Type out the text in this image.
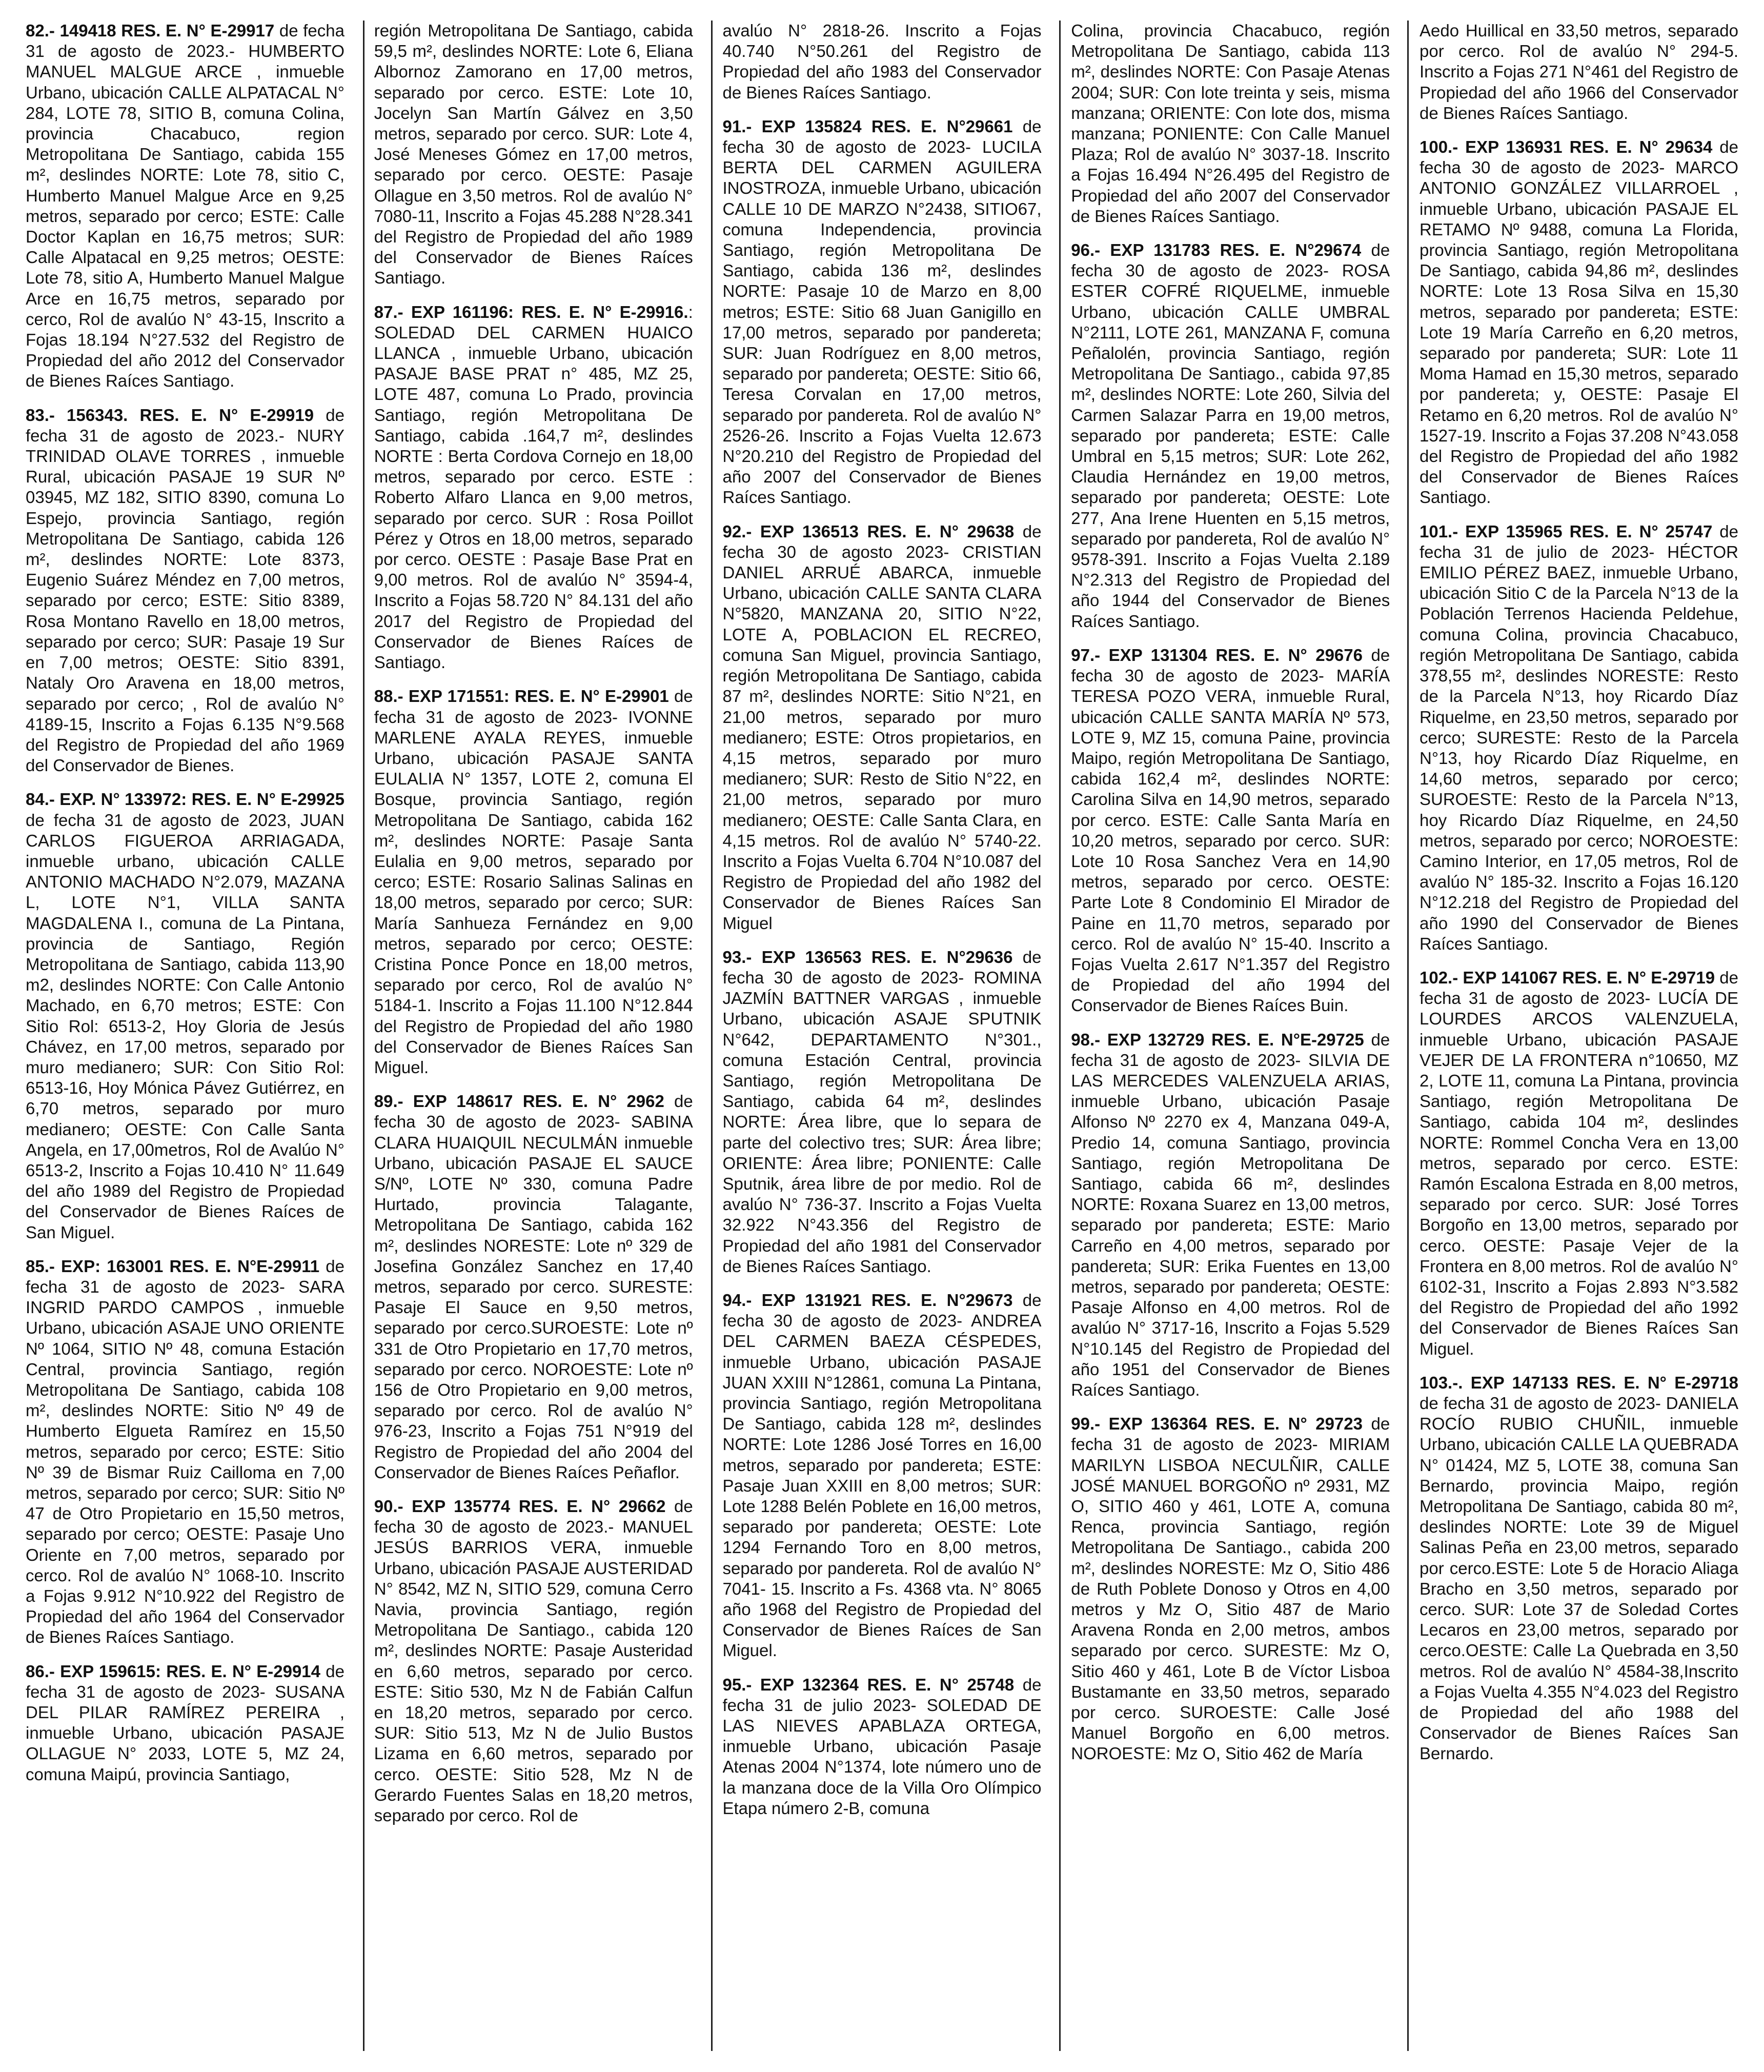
82.- 149418 RES. E. N° E-29917 de fecha 31 de agosto de 2023.- HUMBERTO MANUEL MALGUE ARCE , inmueble Urbano, ubicación CALLE ALPATACAL N° 284, LOTE 78, SITIO B, comuna Colina, provincia Chacabuco, region Metropolitana De Santiago, cabida 155 m², deslindes NORTE: Lote 78, sitio C, Humberto Manuel Malgue Arce en 9,25 metros, separado por cerco; ESTE: Calle Doctor Kaplan en 16,75 metros; SUR: Calle Alpatacal en 9,25 metros; OESTE: Lote 78, sitio A, Humberto Manuel Malgue Arce en 16,75 metros, separado por cerco, Rol de avalúo N° 43-15, Inscrito a Fojas 18.194 N°27.532 del Registro de Propiedad del año 2012 del Conservador de Bienes Raíces Santiago.

83.- 156343. RES. E. N° E-29919 de fecha 31 de agosto de 2023.- NURY TRINIDAD OLAVE TORRES , inmueble Rural, ubicación PASAJE 19 SUR Nº 03945, MZ 182, SITIO 8390, comuna Lo Espejo, provincia Santiago, región Metropolitana De Santiago, cabida 126 m², deslindes NORTE: Lote 8373, Eugenio Suárez Méndez en 7,00 metros, separado por cerco; ESTE: Sitio 8389, Rosa Montano Ravello en 18,00 metros, separado por cerco; SUR: Pasaje 19 Sur en 7,00 metros; OESTE: Sitio 8391, Nataly Oro Aravena en 18,00 metros, separado por cerco; , Rol de avalúo N° 4189-15, Inscrito a Fojas 6.135 N°9.568 del Registro de Propiedad del año 1969 del Conservador de Bienes.

84.- EXP. N° 133972: RES. E. N° E-29925 de fecha 31 de agosto de 2023, JUAN CARLOS FIGUEROA ARRIAGADA, inmueble urbano, ubicación CALLE ANTONIO MACHADO N°2.079, MAZANA L, LOTE N°1, VILLA SANTA MAGDALENA I., comuna de La Pintana, provincia de Santiago, Región Metropolitana de Santiago, cabida 113,90 m2, deslindes NORTE: Con Calle Antonio Machado, en 6,70 metros; ESTE: Con Sitio Rol: 6513-2, Hoy Gloria de Jesús Chávez, en 17,00 metros, separado por muro medianero; SUR: Con Sitio Rol: 6513-16, Hoy Mónica Pávez Gutiérrez, en 6,70 metros, separado por muro medianero; OESTE: Con Calle Santa Angela, en 17,00metros, Rol de Avalúo N° 6513-2, Inscrito a Fojas 10.410 N° 11.649 del año 1989 del Registro de Propiedad del Conservador de Bienes Raíces de San Miguel.

85.- EXP: 163001 RES. E. N°E-29911 de fecha 31 de agosto de 2023- SARA INGRID PARDO CAMPOS , inmueble Urbano, ubicación ASAJE UNO ORIENTE Nº 1064, SITIO Nº 48, comuna Estación Central, provincia Santiago, región Metropolitana De Santiago, cabida 108 m², deslindes NORTE: Sitio Nº 49 de Humberto Elgueta Ramírez en 15,50 metros, separado por cerco; ESTE: Sitio Nº 39 de Bismar Ruiz Cailloma en 7,00 metros, separado por cerco; SUR: Sitio Nº 47 de Otro Propietario en 15,50 metros, separado por cerco; OESTE: Pasaje Uno Oriente en 7,00 metros, separado por cerco. Rol de avalúo N° 1068-10. Inscrito a Fojas 9.912 N°10.922 del Registro de Propiedad del año 1964 del Conservador de Bienes Raíces Santiago.

86.- EXP 159615: RES. E. N° E-29914 de fecha 31 de agosto de 2023- SUSANA DEL PILAR RAMÍREZ PEREIRA , inmueble Urbano, ubicación PASAJE OLLAGUE N° 2033, LOTE 5, MZ 24, comuna Maipú, provincia Santiago,

región Metropolitana De Santiago, cabida 59,5 m², deslindes NORTE: Lote 6, Eliana Albornoz Zamorano en 17,00 metros, separado por cerco. ESTE: Lote 10, Jocelyn San Martín Gálvez en 3,50 metros, separado por cerco. SUR: Lote 4, José Meneses Gómez en 17,00 metros, separado por cerco. OESTE: Pasaje Ollague en 3,50 metros. Rol de avalúo N° 7080-11, Inscrito a Fojas 45.288 N°28.341 del Registro de Propiedad del año 1989 del Conservador de Bienes Raíces Santiago.

87.- EXP 161196: RES. E. N° E-29916.: SOLEDAD DEL CARMEN HUAICO LLANCA , inmueble Urbano, ubicación PASAJE BASE PRAT n° 485, MZ 25, LOTE 487, comuna Lo Prado, provincia Santiago, región Metropolitana De Santiago, cabida .164,7 m², deslindes NORTE : Berta Cordova Cornejo en 18,00 metros, separado por cerco. ESTE : Roberto Alfaro Llanca en 9,00 metros, separado por cerco. SUR : Rosa Poillot Pérez y Otros en 18,00 metros, separado por cerco. OESTE : Pasaje Base Prat en 9,00 metros. Rol de avalúo N° 3594-4, Inscrito a Fojas 58.720 N° 84.131 del año 2017 del Registro de Propiedad del Conservador de Bienes Raíces de Santiago.

88.- EXP 171551: RES. E. N° E-29901 de fecha 31 de agosto de 2023- IVONNE MARLENE AYALA REYES, inmueble Urbano, ubicación PASAJE SANTA EULALIA N° 1357, LOTE 2, comuna El Bosque, provincia Santiago, región Metropolitana De Santiago, cabida 162 m², deslindes NORTE: Pasaje Santa Eulalia en 9,00 metros, separado por cerco; ESTE: Rosario Salinas Salinas en 18,00 metros, separado por cerco; SUR: María Sanhueza Fernández en 9,00 metros, separado por cerco; OESTE: Cristina Ponce Ponce en 18,00 metros, separado por cerco, Rol de avalúo N° 5184-1. Inscrito a Fojas 11.100 N°12.844 del Registro de Propiedad del año 1980 del Conservador de Bienes Raíces San Miguel.

89.- EXP 148617 RES. E. N° 2962 de fecha 30 de agosto de 2023- SABINA CLARA HUAIQUIL NECULMÁN inmueble Urbano, ubicación PASAJE EL SAUCE S/Nº, LOTE Nº 330, comuna Padre Hurtado, provincia Talagante, Metropolitana De Santiago, cabida 162 m², deslindes NORESTE: Lote nº 329 de Josefina González Sanchez en 17,40 metros, separado por cerco. SURESTE: Pasaje El Sauce en 9,50 metros, separado por cerco.SUROESTE: Lote nº 331 de Otro Propietario en 17,70 metros, separado por cerco. NOROESTE: Lote nº 156 de Otro Propietario en 9,00 metros, separado por cerco. Rol de avalúo N° 976-23, Inscrito a Fojas 751 N°919 del Registro de Propiedad del año 2004 del Conservador de Bienes Raíces Peñaflor.

90.- EXP 135774 RES. E. N° 29662 de fecha 30 de agosto de 2023.- MANUEL JESÚS BARRIOS VERA, inmueble Urbano, ubicación PASAJE AUSTERIDAD N° 8542, MZ N, SITIO 529, comuna Cerro Navia, provincia Santiago, región Metropolitana De Santiago., cabida 120 m², deslindes NORTE: Pasaje Austeridad en 6,60 metros, separado por cerco. ESTE: Sitio 530, Mz N de Fabián Calfun en 18,20 metros, separado por cerco. SUR: Sitio 513, Mz N de Julio Bustos Lizama en 6,60 metros, separado por cerco. OESTE: Sitio 528, Mz N de Gerardo Fuentes Salas en 18,20 metros, separado por cerco. Rol de

avalúo N° 2818-26. Inscrito a Fojas 40.740 N°50.261 del Registro de Propiedad del año 1983 del Conservador de Bienes Raíces Santiago.

91.- EXP 135824 RES. E. N°29661 de fecha 30 de agosto de 2023- LUCILA BERTA DEL CARMEN AGUILERA INOSTROZA, inmueble Urbano, ubicación CALLE 10 DE MARZO N°2438, SITIO67, comuna Independencia, provincia Santiago, región Metropolitana De Santiago, cabida 136 m², deslindes NORTE: Pasaje 10 de Marzo en 8,00 metros; ESTE: Sitio 68 Juan Ganigillo en 17,00 metros, separado por pandereta; SUR: Juan Rodríguez en 8,00 metros, separado por pandereta; OESTE: Sitio 66, Teresa Corvalan en 17,00 metros, separado por pandereta. Rol de avalúo N° 2526-26. Inscrito a Fojas Vuelta 12.673 N°20.210 del Registro de Propiedad del año 2007 del Conservador de Bienes Raíces Santiago.

92.- EXP 136513 RES. E. N° 29638 de fecha 30 de agosto 2023- CRISTIAN DANIEL ARRUÉ ABARCA, inmueble Urbano, ubicación CALLE SANTA CLARA N°5820, MANZANA 20, SITIO N°22, LOTE A, POBLACION EL RECREO, comuna San Miguel, provincia Santiago, región Metropolitana De Santiago, cabida 87 m², deslindes NORTE: Sitio N°21, en 21,00 metros, separado por muro medianero; ESTE: Otros propietarios, en 4,15 metros, separado por muro medianero; SUR: Resto de Sitio N°22, en 21,00 metros, separado por muro medianero; OESTE: Calle Santa Clara, en 4,15 metros. Rol de avalúo N° 5740-22. Inscrito a Fojas Vuelta 6.704 N°10.087 del Registro de Propiedad del año 1982 del Conservador de Bienes Raíces San Miguel

93.- EXP 136563 RES. E. N°29636 de fecha 30 de agosto de 2023- ROMINA JAZMÍN BATTNER VARGAS , inmueble Urbano, ubicación ASAJE SPUTNIK N°642, DEPARTAMENTO N°301., comuna Estación Central, provincia Santiago, región Metropolitana De Santiago, cabida 64 m², deslindes NORTE: Área libre, que lo separa de parte del colectivo tres; SUR: Área libre; ORIENTE: Área libre; PONIENTE: Calle Sputnik, área libre de por medio. Rol de avalúo N° 736-37. Inscrito a Fojas Vuelta 32.922 N°43.356 del Registro de Propiedad del año 1981 del Conservador de Bienes Raíces Santiago.

94.- EXP 131921 RES. E. N°29673 de fecha 30 de agosto de 2023- ANDREA DEL CARMEN BAEZA CÉSPEDES, inmueble Urbano, ubicación PASAJE JUAN XXIII N°12861, comuna La Pintana, provincia Santiago, región Metropolitana De Santiago, cabida 128 m², deslindes NORTE: Lote 1286 José Torres en 16,00 metros, separado por pandereta; ESTE: Pasaje Juan XXIII en 8,00 metros; SUR: Lote 1288 Belén Poblete en 16,00 metros, separado por pandereta; OESTE: Lote 1294 Fernando Toro en 8,00 metros, separado por pandereta. Rol de avalúo N° 7041- 15. Inscrito a Fs. 4368 vta. N° 8065 año 1968 del Registro de Propiedad del Conservador de Bienes Raíces de San Miguel.

95.- EXP 132364 RES. E. N° 25748 de fecha 31 de julio 2023- SOLEDAD DE LAS NIEVES APABLAZA ORTEGA, inmueble Urbano, ubicación Pasaje Atenas 2004 N°1374, lote número uno de la manzana doce de la Villa Oro Olímpico Etapa número 2-B, comuna

Colina, provincia Chacabuco, región Metropolitana De Santiago, cabida 113 m², deslindes NORTE: Con Pasaje Atenas 2004; SUR: Con lote treinta y seis, misma manzana; ORIENTE: Con lote dos, misma manzana; PONIENTE: Con Calle Manuel Plaza; Rol de avalúo N° 3037-18. Inscrito a Fojas 16.494 N°26.495 del Registro de Propiedad del año 2007 del Conservador de Bienes Raíces Santiago.

96.- EXP 131783 RES. E. N°29674 de fecha 30 de agosto de 2023- ROSA ESTER COFRÉ RIQUELME, inmueble Urbano, ubicación CALLE UMBRAL N°2111, LOTE 261, MANZANA F, comuna Peñalolén, provincia Santiago, región Metropolitana De Santiago., cabida 97,85 m², deslindes NORTE: Lote 260, Silvia del Carmen Salazar Parra en 19,00 metros, separado por pandereta; ESTE: Calle Umbral en 5,15 metros; SUR: Lote 262, Claudia Hernández en 19,00 metros, separado por pandereta; OESTE: Lote 277, Ana Irene Huenten en 5,15 metros, separado por pandereta, Rol de avalúo N° 9578-391. Inscrito a Fojas Vuelta 2.189 N°2.313 del Registro de Propiedad del año 1944 del Conservador de Bienes Raíces Santiago.

97.- EXP 131304 RES. E. N° 29676 de fecha 30 de agosto de 2023- MARÍA TERESA POZO VERA, inmueble Rural, ubicación CALLE SANTA MARÍA Nº 573, LOTE 9, MZ 15, comuna Paine, provincia Maipo, región Metropolitana De Santiago, cabida 162,4 m², deslindes NORTE: Carolina Silva en 14,90 metros, separado por cerco. ESTE: Calle Santa María en 10,20 metros, separado por cerco. SUR: Lote 10 Rosa Sanchez Vera en 14,90 metros, separado por cerco. OESTE: Parte Lote 8 Condominio El Mirador de Paine en 11,70 metros, separado por cerco. Rol de avalúo N° 15-40. Inscrito a Fojas Vuelta 2.617 N°1.357 del Registro de Propiedad del año 1994 del Conservador de Bienes Raíces Buin.

98.- EXP 132729 RES. E. N°E-29725 de fecha 31 de agosto de 2023- SILVIA DE LAS MERCEDES VALENZUELA ARIAS, inmueble Urbano, ubicación Pasaje Alfonso Nº 2270 ex 4, Manzana 049-A, Predio 14, comuna Santiago, provincia Santiago, región Metropolitana De Santiago, cabida 66 m², deslindes NORTE: Roxana Suarez en 13,00 metros, separado por pandereta; ESTE: Mario Carreño en 4,00 metros, separado por pandereta; SUR: Erika Fuentes en 13,00 metros, separado por pandereta; OESTE: Pasaje Alfonso en 4,00 metros. Rol de avalúo N° 3717-16, Inscrito a Fojas 5.529 N°10.145 del Registro de Propiedad del año 1951 del Conservador de Bienes Raíces Santiago.

99.- EXP 136364 RES. E. N° 29723 de fecha 31 de agosto de 2023- MIRIAM MARILYN LISBOA NECULÑIR, CALLE JOSÉ MANUEL BORGOÑO nº 2931, MZ O, SITIO 460 y 461, LOTE A, comuna Renca, provincia Santiago, región Metropolitana De Santiago., cabida 200 m², deslindes NORESTE: Mz O, Sitio 486 de Ruth Poblete Donoso y Otros en 4,00 metros y Mz O, Sitio 487 de Mario Aravena Ronda en 2,00 metros, ambos separado por cerco. SURESTE: Mz O, Sitio 460 y 461, Lote B de Víctor Lisboa Bustamante en 33,50 metros, separado por cerco. SUROESTE: Calle José Manuel Borgoño en 6,00 metros. NOROESTE: Mz O, Sitio 462 de María

Aedo Huillical en 33,50 metros, separado por cerco. Rol de avalúo N° 294-5. Inscrito a Fojas 271 N°461 del Registro de Propiedad del año 1966 del Conservador de Bienes Raíces Santiago.

100.- EXP 136931 RES. E. N° 29634 de fecha 30 de agosto de 2023- MARCO ANTONIO GONZÁLEZ VILLARROEL , inmueble Urbano, ubicación PASAJE EL RETAMO Nº 9488, comuna La Florida, provincia Santiago, región Metropolitana De Santiago, cabida 94,86 m², deslindes NORTE: Lote 13 Rosa Silva en 15,30 metros, separado por pandereta; ESTE: Lote 19 María Carreño en 6,20 metros, separado por pandereta; SUR: Lote 11 Moma Hamad en 15,30 metros, separado por pandereta; y, OESTE: Pasaje El Retamo en 6,20 metros. Rol de avalúo N° 1527-19. Inscrito a Fojas 37.208 N°43.058 del Registro de Propiedad del año 1982 del Conservador de Bienes Raíces Santiago.

101.- EXP 135965 RES. E. N° 25747 de fecha 31 de julio de 2023- HÉCTOR EMILIO PÉREZ BAEZ, inmueble Urbano, ubicación Sitio C de la Parcela N°13 de la Población Terrenos Hacienda Peldehue, comuna Colina, provincia Chacabuco, región Metropolitana De Santiago, cabida 378,55 m², deslindes NORESTE: Resto de la Parcela N°13, hoy Ricardo Díaz Riquelme, en 23,50 metros, separado por cerco; SURESTE: Resto de la Parcela N°13, hoy Ricardo Díaz Riquelme, en 14,60 metros, separado por cerco; SUROESTE: Resto de la Parcela N°13, hoy Ricardo Díaz Riquelme, en 24,50 metros, separado por cerco; NOROESTE: Camino Interior, en 17,05 metros, Rol de avalúo N° 185-32. Inscrito a Fojas 16.120 N°12.218 del Registro de Propiedad del año 1990 del Conservador de Bienes Raíces Santiago.

102.- EXP 141067 RES. E. N° E-29719 de fecha 31 de agosto de 2023- LUCÍA DE LOURDES ARCOS VALENZUELA, inmueble Urbano, ubicación PASAJE VEJER DE LA FRONTERA n°10650, MZ 2, LOTE 11, comuna La Pintana, provincia Santiago, región Metropolitana De Santiago, cabida 104 m², deslindes NORTE: Rommel Concha Vera en 13,00 metros, separado por cerco. ESTE: Ramón Escalona Estrada en 8,00 metros, separado por cerco. SUR: José Torres Borgoño en 13,00 metros, separado por cerco. OESTE: Pasaje Vejer de la Frontera en 8,00 metros. Rol de avalúo N° 6102-31, Inscrito a Fojas 2.893 N°3.582 del Registro de Propiedad del año 1992 del Conservador de Bienes Raíces San Miguel.

103.-. EXP 147133 RES. E. N° E-29718 de fecha 31 de agosto de 2023- DANIELA ROCÍO RUBIO CHUÑIL, inmueble Urbano, ubicación CALLE LA QUEBRADA N° 01424, MZ 5, LOTE 38, comuna San Bernardo, provincia Maipo, región Metropolitana De Santiago, cabida 80 m², deslindes NORTE: Lote 39 de Miguel Salinas Peña en 23,00 metros, separado por cerco.ESTE: Lote 5 de Horacio Aliaga Bracho en 3,50 metros, separado por cerco. SUR: Lote 37 de Soledad Cortes Lecaros en 23,00 metros, separado por cerco.OESTE: Calle La Quebrada en 3,50 metros. Rol de avalúo N° 4584-38,Inscrito a Fojas Vuelta 4.355 N°4.023 del Registro de Propiedad del año 1988 del Conservador de Bienes Raíces San Bernardo.
